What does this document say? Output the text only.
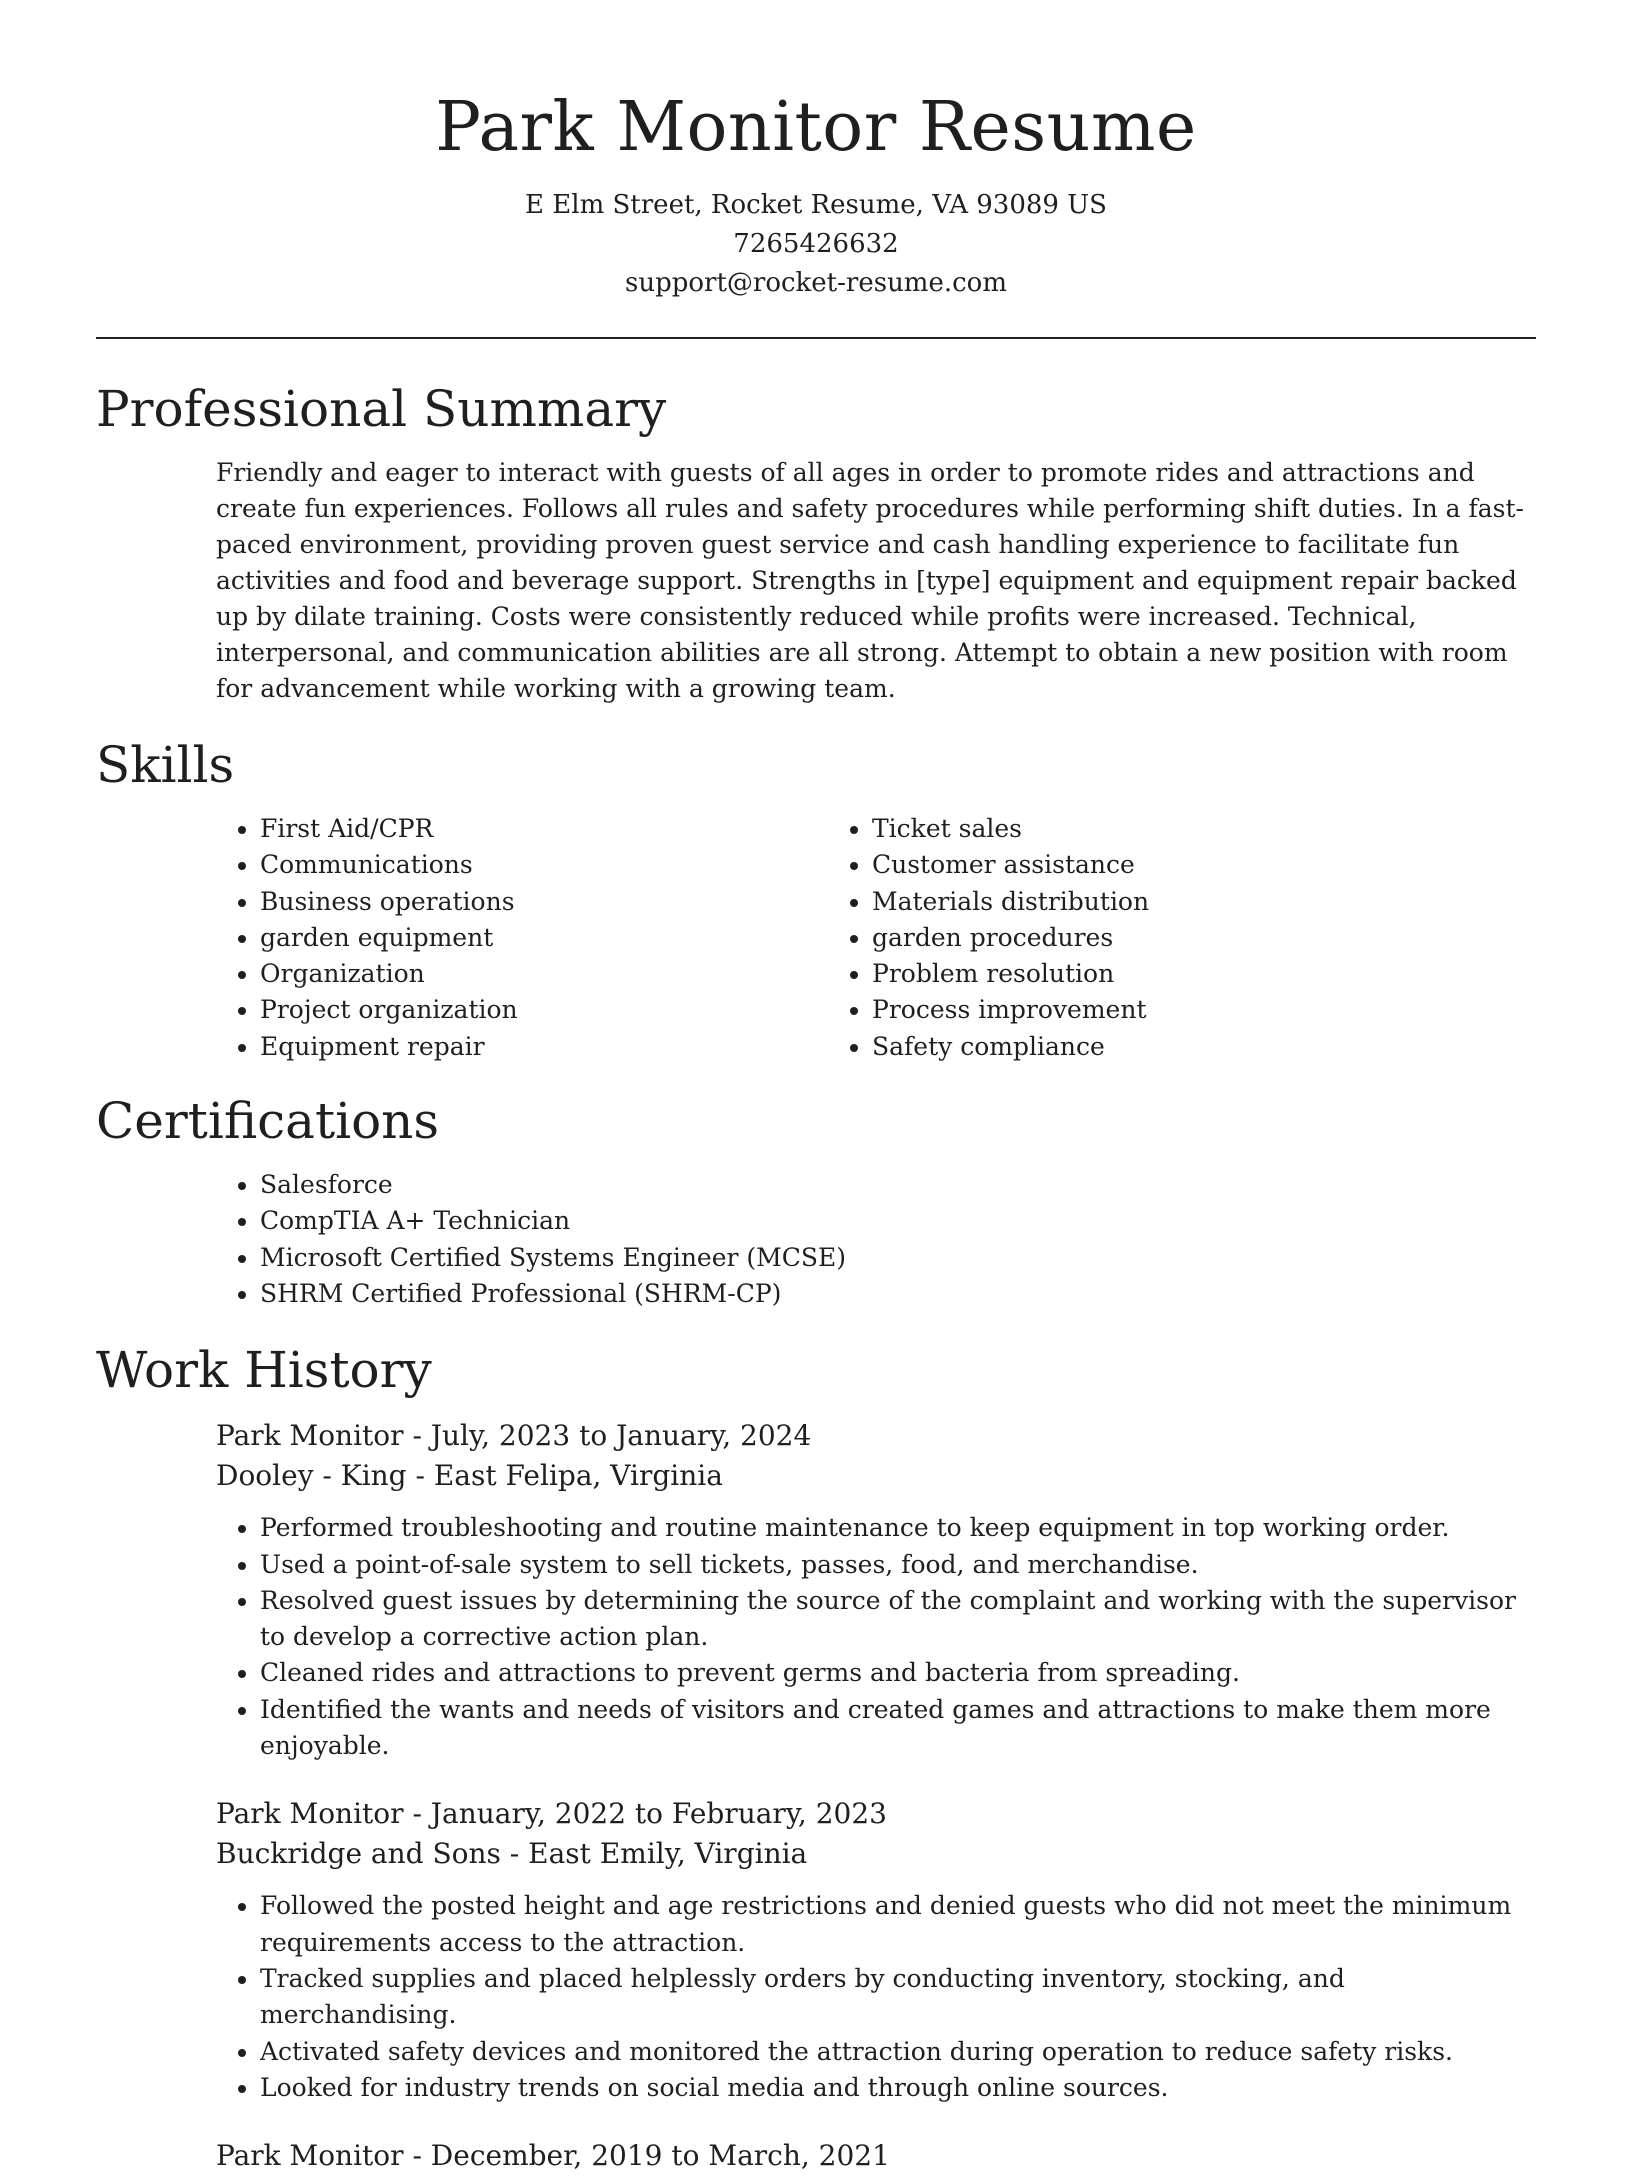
Park Monitor Resume
E Elm Street, Rocket Resume, VA 93089 US
7265426632
support@rocket-resume.com
Professional Summary

Friendly and eager to interact with guests of all ages in order to promote rides and attractions and create fun experiences. Follows all rules and safety procedures while performing shift duties. In a fast-paced environment, providing proven guest service and cash handling experience to facilitate fun activities and food and beverage support. Strengths in [type] equipment and equipment repair backed up by dilate training. Costs were consistently reduced while profits were increased. Technical, interpersonal, and communication abilities are all strong. Attempt to obtain a new position with room for advancement while working with a growing team.

Skills
• First Aid/CPR
• Communications
• Business operations
• garden equipment
• Organization
• Project organization
• Equipment repair
• Ticket sales
• Customer assistance
• Materials distribution
• garden procedures
• Problem resolution
• Process improvement
• Safety compliance
Certifications
• Salesforce
• CompTIA A+ Technician
• Microsoft Certified Systems Engineer (MCSE)
• SHRM Certified Professional (SHRM-CP)
Work History
Park Monitor - July, 2023 to January, 2024
Dooley - King - East Felipa, Virginia
• Performed troubleshooting and routine maintenance to keep equipment in top working order.
• Used a point-of-sale system to sell tickets, passes, food, and merchandise.
• Resolved guest issues by determining the source of the complaint and working with the supervisor to develop a corrective action plan.
• Cleaned rides and attractions to prevent germs and bacteria from spreading.
• Identified the wants and needs of visitors and created games and attractions to make them more enjoyable.
Park Monitor - January, 2022 to February, 2023
Buckridge and Sons - East Emily, Virginia
• Followed the posted height and age restrictions and denied guests who did not meet the minimum requirements access to the attraction.
• Tracked supplies and placed helplessly orders by conducting inventory, stocking, and merchandising.
• Activated safety devices and monitored the attraction during operation to reduce safety risks.
• Looked for industry trends on social media and through online sources.
Park Monitor - December, 2019 to March, 2021
